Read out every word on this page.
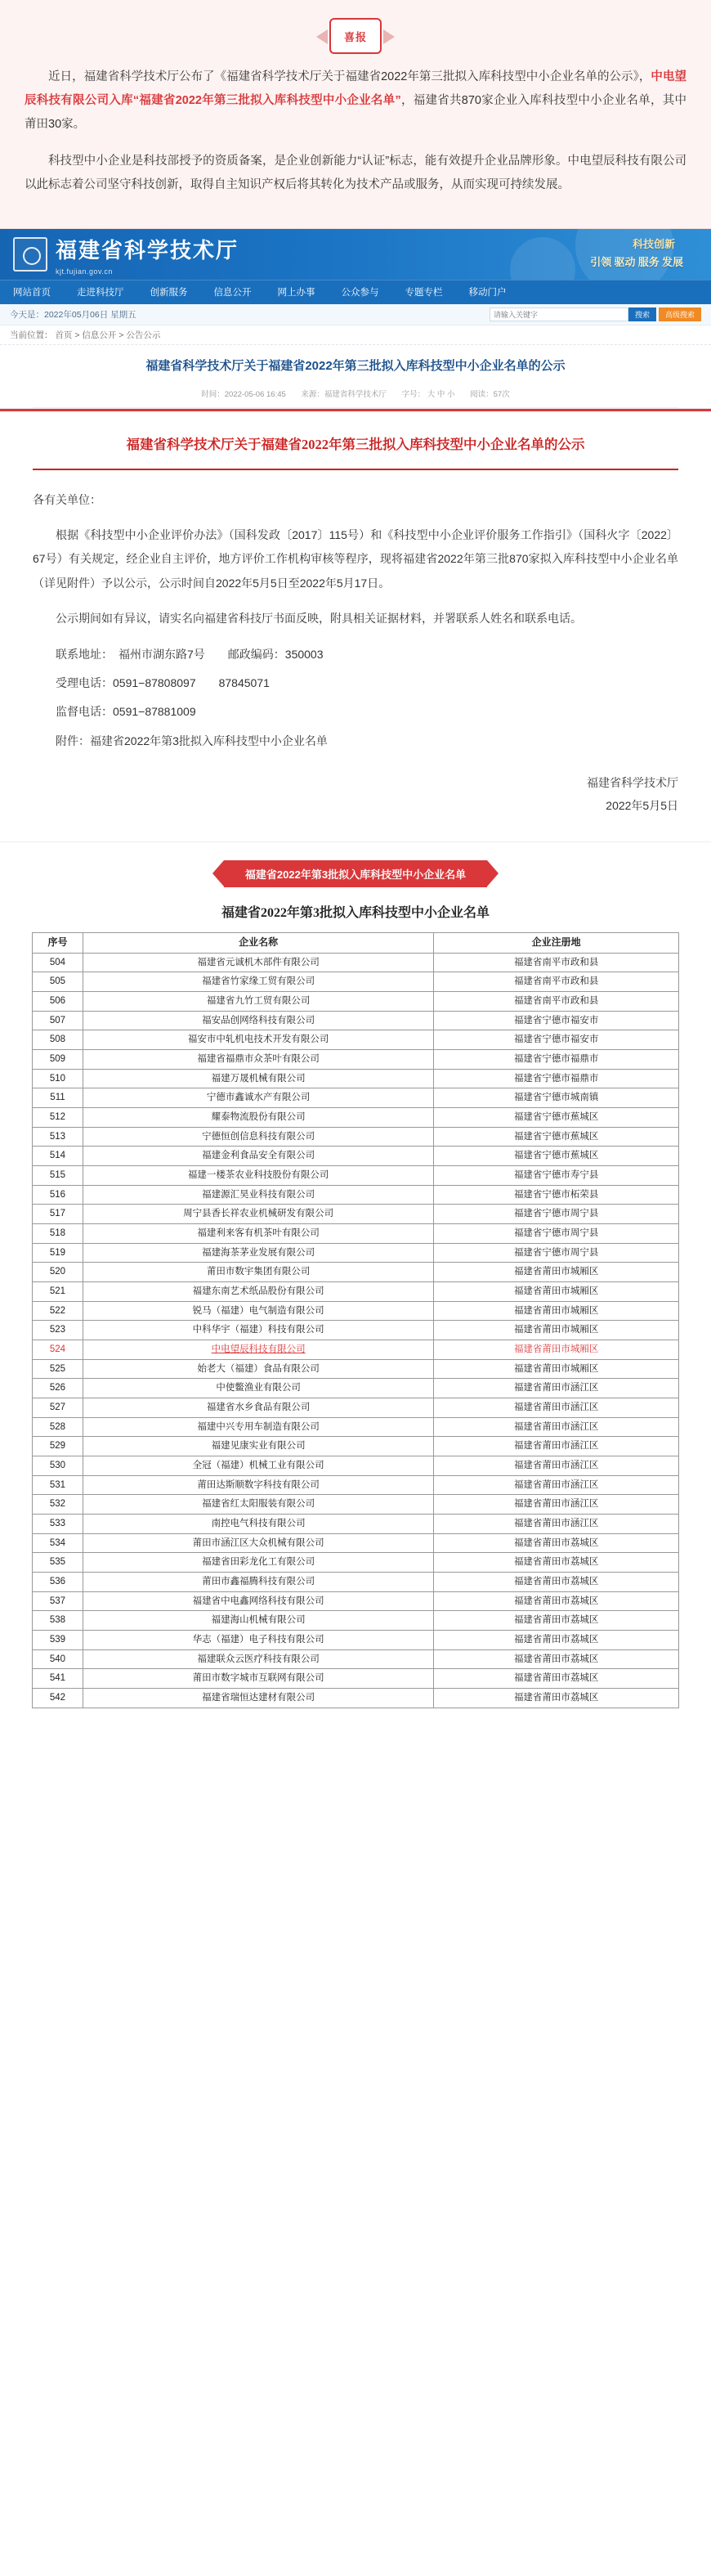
喜报

近日，福建省科学技术厅公布了《福建省科学技术厅关于福建省2022年第三批拟入库科技型中小企业名单的公示》，中电望辰科技有限公司入库“福建省2022年第三批拟入库科技型中小企业名单”，福建省共870家企业入库科技型中小企业名单，其中莆田30家。

科技型中小企业是科技部授予的资质备案，是企业创新能力“认证”标志，能有效提升企业品牌形象。中电望辰科技有限公司以此标志着公司坚守科技创新，取得自主知识产权后将其转化为技术产品或服务，从而实现可持续发展。

福建省科学技术厅
kjt.fujian.gov.cn
科技创新
引领 驱动 服务 发展
网站首页	走进科技厅	创新服务	信息公开	网上办事	公众参与	专题专栏	移动门户
今天是：2022年05月06日 星期五
请输入关键字	搜索	高级搜索
当前位置： 首页 > 信息公开 > 公告公示
福建省科学技术厅关于福建省2022年第三批拟入库科技型中小企业名单的公示
时间：2022-05-06 16:45 来源：福建省科学技术厅 字号： 大 中 小 阅读：57次
福建省科学技术厅关于福建省2022年第三批拟入库科技型中小企业名单的公示

各有关单位：

根据《科技型中小企业评价办法》（国科发政〔2017〕115号）和《科技型中小企业评价服务工作指引》（国科火字〔2022〕67号）有关规定，经企业自主评价，地方评价工作机构审核等程序，现将福建省2022年第三批870家拟入库科技型中小企业名单（详见附件）予以公示，公示时间自2022年5月5日至2022年5月17日。

公示期间如有异议，请实名向福建省科技厅书面反映，附具相关证据材料，并署联系人姓名和联系电话。

联系地址：　福州市湖东路7号　　邮政编码：350003

受理电话：0591−87808097　　87845071

监督电话：0591−87881009

附件：福建省2022年第3批拟入库科技型中小企业名单

福建省科学技术厅
2022年5月5日
福建省2022年第3批拟入库科技型中小企业名单
福建省2022年第3批拟入库科技型中小企业名单
序号	企业名称	企业注册地
504	福建省元诚机木部件有限公司	福建省南平市政和县
505	福建省竹家缘工贸有限公司	福建省南平市政和县
506	福建省九竹工贸有限公司	福建省南平市政和县
507	福安品创网络科技有限公司	福建省宁德市福安市
508	福安市中轧机电技术开发有限公司	福建省宁德市福安市
509	福建省福鼎市众茶叶有限公司	福建省宁德市福鼎市
510	福建万晟机械有限公司	福建省宁德市福鼎市
511	宁德市鑫诚水产有限公司	福建省宁德市城南镇
512	耀泰物流股份有限公司	福建省宁德市蕉城区
513	宁德恒创信息科技有限公司	福建省宁德市蕉城区
514	福建金利食品安全有限公司	福建省宁德市蕉城区
515	福建一楼茶农业科技股份有限公司	福建省宁德市寿宁县
516	福建源汇昊业科技有限公司	福建省宁德市柘荣县
517	周宁县香长祥农业机械研发有限公司	福建省宁德市周宁县
518	福建利来客有机茶叶有限公司	福建省宁德市周宁县
519	福建海茶茅业发展有限公司	福建省宁德市周宁县
520	莆田市数宇集团有限公司	福建省莆田市城厢区
521	福建东南艺术纸品股份有限公司	福建省莆田市城厢区
522	锐马（福建）电气制造有限公司	福建省莆田市城厢区
523	中科华宇（福建）科技有限公司	福建省莆田市城厢区
524	中电望辰科技有限公司	福建省莆田市城厢区
525	始老大（福建）食品有限公司	福建省莆田市城厢区
526	中使鳖渔业有限公司	福建省莆田市涵江区
527	福建省水乡食品有限公司	福建省莆田市涵江区
528	福建中兴专用车制造有限公司	福建省莆田市涵江区
529	福建见康实业有限公司	福建省莆田市涵江区
530	全冠（福建）机械工业有限公司	福建省莆田市涵江区
531	莆田达斯顺数字科技有限公司	福建省莆田市涵江区
532	福建省红太阳服装有限公司	福建省莆田市涵江区
533	南控电气科技有限公司	福建省莆田市涵江区
534	莆田市涵江区大众机械有限公司	福建省莆田市荔城区
535	福建省田彩龙化工有限公司	福建省莆田市荔城区
536	莆田市鑫福腾科技有限公司	福建省莆田市荔城区
537	福建省中电鑫网络科技有限公司	福建省莆田市荔城区
538	福建海山机械有限公司	福建省莆田市荔城区
539	华志（福建）电子科技有限公司	福建省莆田市荔城区
540	福建联众云医疗科技有限公司	福建省莆田市荔城区
541	莆田市数字城市互联网有限公司	福建省莆田市荔城区
542	福建省瑞恒达建材有限公司	福建省莆田市荔城区
